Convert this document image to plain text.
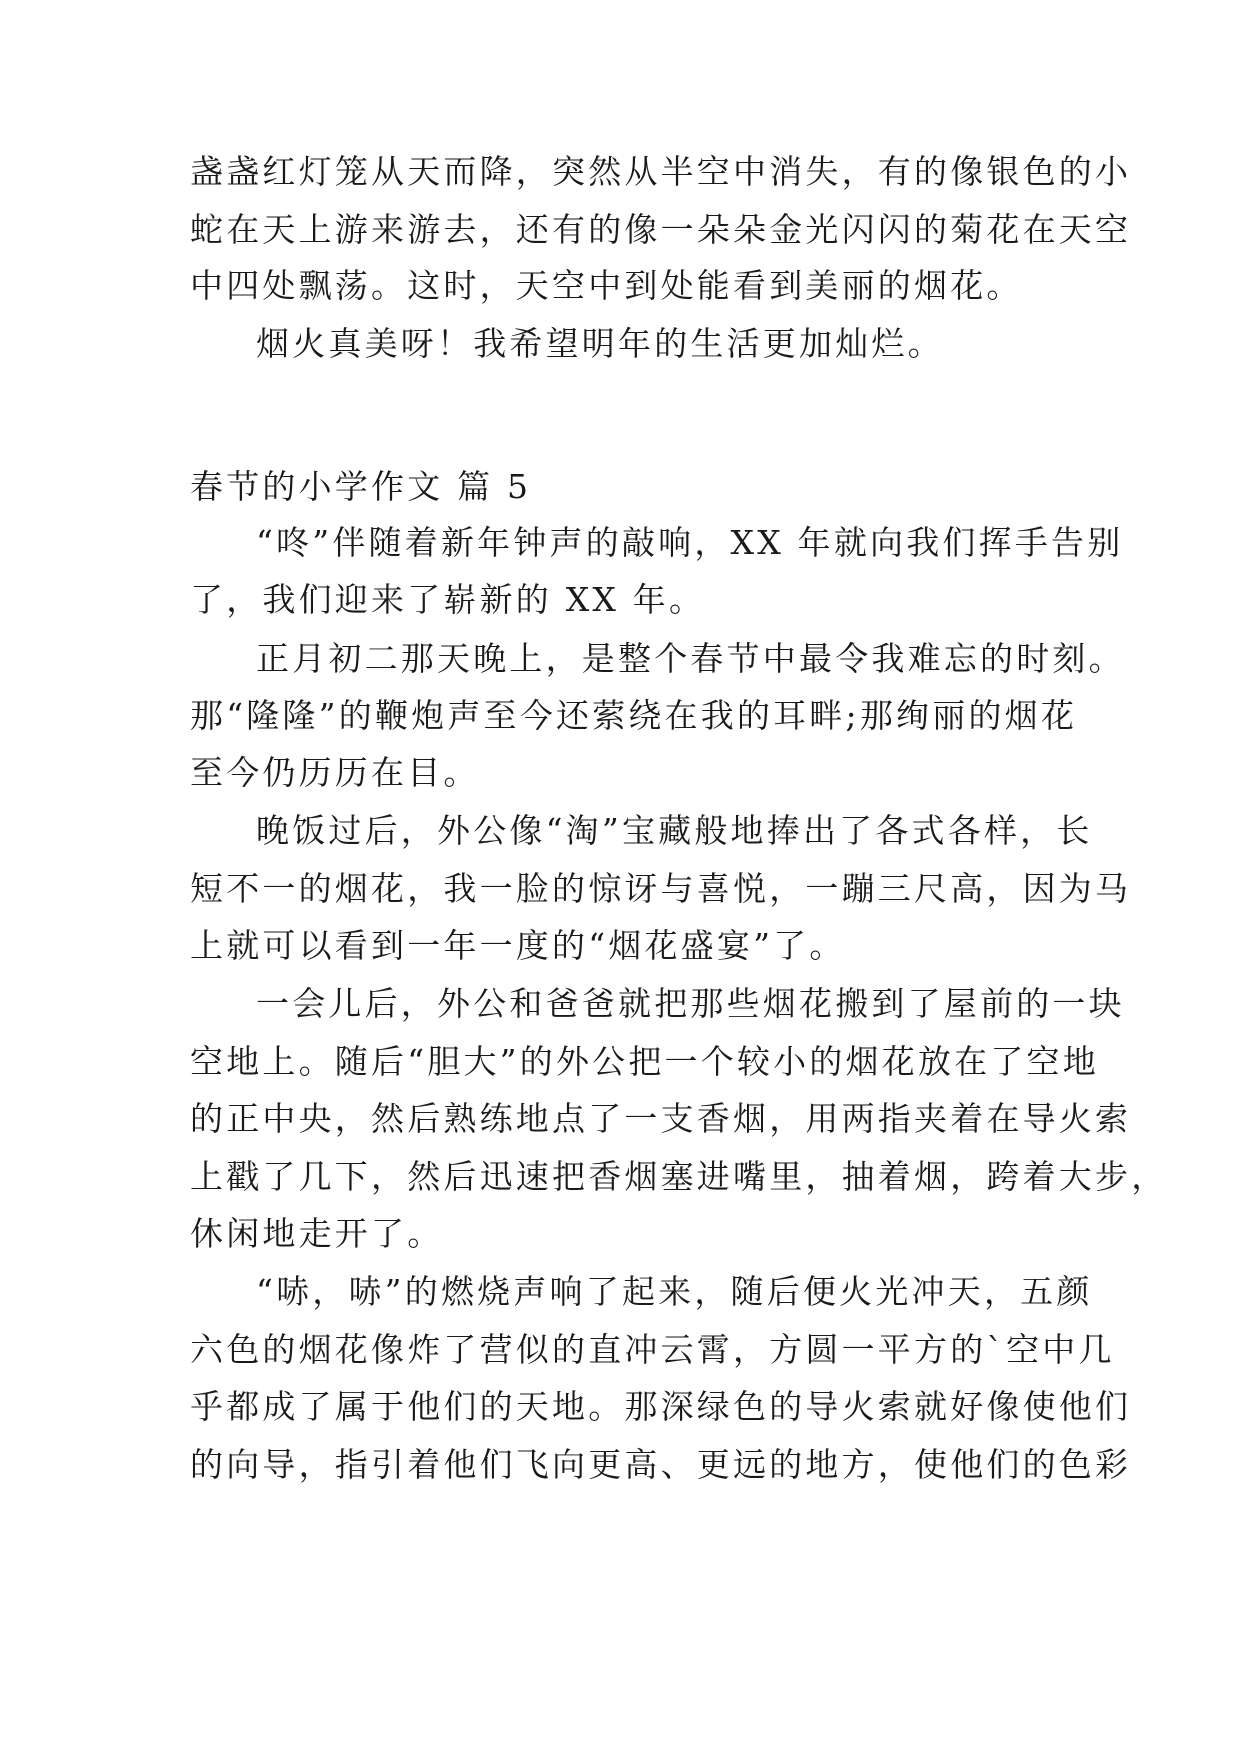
盏盏红灯笼从天而降，突然从半空中消失，有的像银色的小
蛇在天上游来游去，还有的像一朵朵金光闪闪的菊花在天空
中四处飘荡。这时，天空中到处能看到美丽的烟花。
烟火真美呀！我希望明年的生活更加灿烂。
春节的小学作文 篇 5
“咚”伴随着新年钟声的敲响，XX 年就向我们挥手告别
了，我们迎来了崭新的 XX 年。
正月初二那天晚上，是整个春节中最令我难忘的时刻。
那“隆隆”的鞭炮声至今还萦绕在我的耳畔;那绚丽的烟花
至今仍历历在目。
晚饭过后，外公像“淘”宝藏般地捧出了各式各样，长
短不一的烟花，我一脸的惊讶与喜悦，一蹦三尺高，因为马
上就可以看到一年一度的“烟花盛宴”了。
一会儿后，外公和爸爸就把那些烟花搬到了屋前的一块
空地上。随后“胆大”的外公把一个较小的烟花放在了空地
的正中央，然后熟练地点了一支香烟，用两指夹着在导火索
上戳了几下，然后迅速把香烟塞进嘴里，抽着烟，跨着大步，
休闲地走开了。
“哧，哧”的燃烧声响了起来，随后便火光冲天，五颜
六色的烟花像炸了营似的直冲云霄，方圆一平方的`空中几
乎都成了属于他们的天地。那深绿色的导火索就好像使他们
的向导，指引着他们飞向更高、更远的地方，使他们的色彩
